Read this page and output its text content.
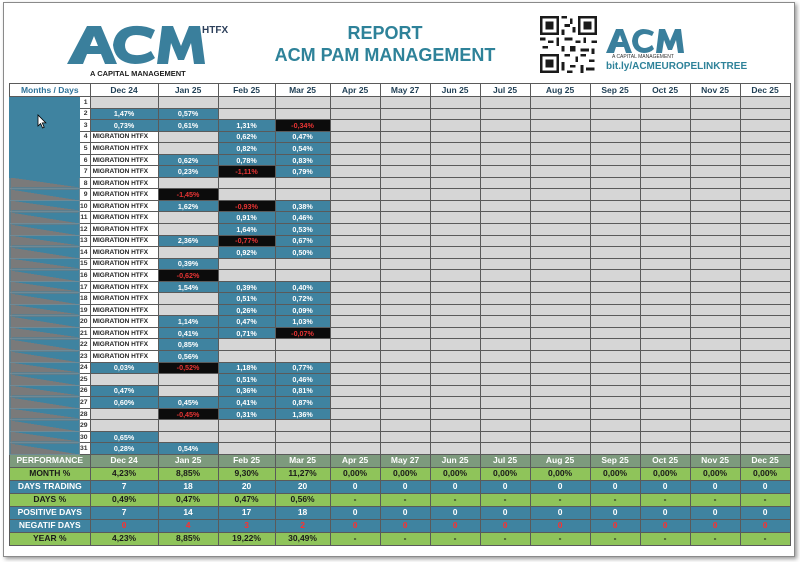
HTFX
A CAPITAL MANAGEMENT
REPORT
ACM PAM MANAGEMENT	A CAPITAL MANAGEMENT
bit.ly/ACMEUROPELINKTREE
Months / Days		Dec 24	Jan 25	Feb 25	Mar 25	Apr 25	May 27	Jun 25	Jul 25	Aug 25	Sep 25	Oct 25	Nov 25	Dec 25
	1													
	2	1,47%	0,57%											
	3	0,73%	0,61%	1,31%	-0,34%									
	4	MIGRATION HTFX		0,62%	0,47%									
	5	MIGRATION HTFX		0,82%	0,54%									
	6	MIGRATION HTFX	0,62%	0,78%	0,83%									
	7	MIGRATION HTFX	0,23%	-1,11%	0,79%									
	8	MIGRATION HTFX												
	9	MIGRATION HTFX	-1,45%											
	10	MIGRATION HTFX	1,62%	-0,93%	0,38%									
	11	MIGRATION HTFX		0,91%	0,46%									
	12	MIGRATION HTFX		1,64%	0,53%									
	13	MIGRATION HTFX	2,36%	-0,77%	0,67%									
	14	MIGRATION HTFX		0,92%	0,50%									
	15	MIGRATION HTFX	0,39%											
	16	MIGRATION HTFX	-0,62%											
	17	MIGRATION HTFX	1,54%	0,39%	0,40%									
	18	MIGRATION HTFX		0,51%	0,72%									
	19	MIGRATION HTFX		0,26%	0,09%									
	20	MIGRATION HTFX	1,14%	0,47%	1,03%									
	21	MIGRATION HTFX	0,41%	0,71%	-0,07%									
	22	MIGRATION HTFX	0,85%											
	23	MIGRATION HTFX	0,56%											
	24	0,03%	-0,52%	1,18%	0,77%									
	25			0,51%	0,46%									
	26	0,47%		0,36%	0,81%									
	27	0,60%	0,45%	0,41%	0,87%									
	28		-0,45%	0,31%	1,36%									
	29													
	30	0,65%												
	31	0,28%	0,54%											
PERFORMANCE		Dec 24	Jan 25	Feb 25	Mar 25	Apr 25	May 27	Jun 25	Jul 25	Aug 25	Sep 25	Oct 25	Nov 25	Dec 25
MONTH %		4,23%	8,85%	9,30%	11,27%	0,00%	0,00%	0,00%	0,00%	0,00%	0,00%	0,00%	0,00%	0,00%
DAYS TRADING		7	18	20	20	0	0	0	0	0	0	0	0	0
DAYS %		0,49%	0,47%	0,47%	0,56%	-	-	-	-	-	-	-	-	-
POSITIVE DAYS		7	14	17	18	0	0	0	0	0	0	0	0	0
NEGATIF DAYS		0	4	3	2	0	0	0	0	0	0	0	0	0
YEAR %		4,23%	8,85%	19,22%	30,49%	-	-	-	-	-	-	-	-	-
